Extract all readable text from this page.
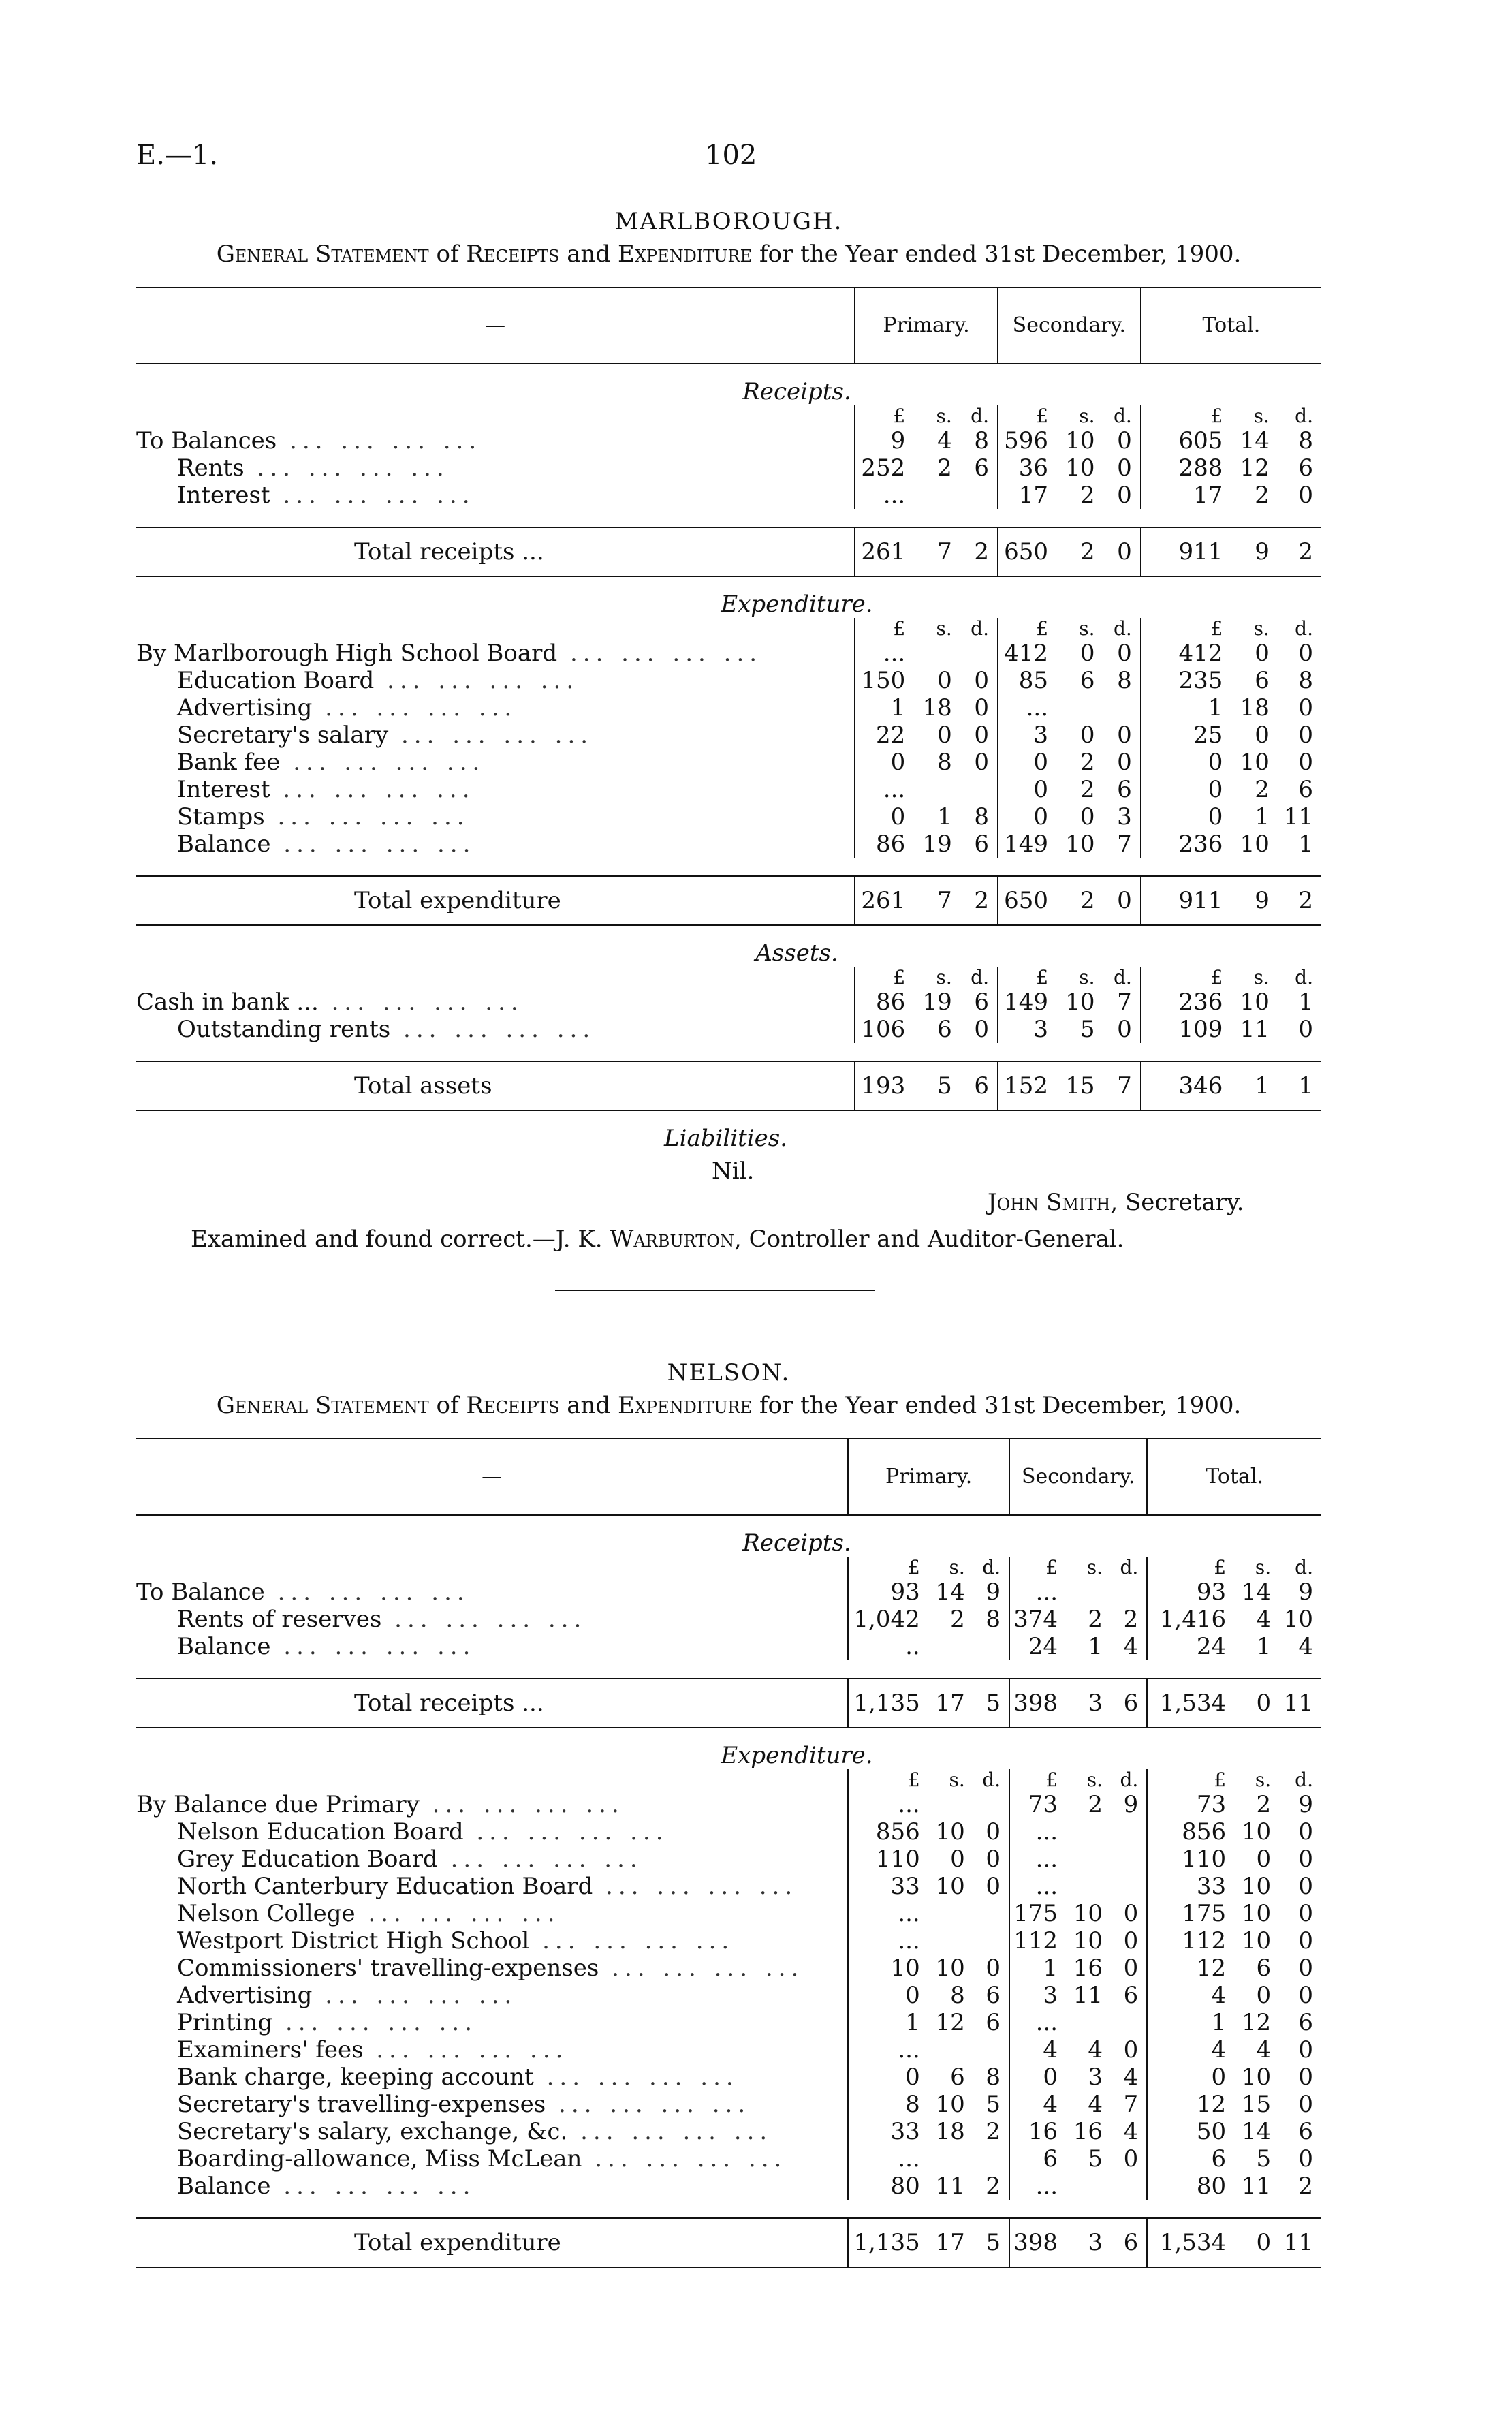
E.—1.	102
MARLBOROUGH.
General Statement of Receipts and Expenditure for the Year ended 31st December, 1900.
—	Primary.			Secondary.			Total.		
Receipts.									
	£	s.	d.	£	s.	d.	£	s.	d.
To Balances ... ... ... ...	9	4	8	596	10	0	605	14	8
Rents ... ... ... ...	252	2	6	36	10	0	288	12	6
Interest ... ... ... ...	...			17	2	0	17	2	0

Total receipts ...	261	7	2	650	2	0	911	9	2
Expenditure.									
	£	s.	d.	£	s.	d.	£	s.	d.
By Marlborough High School Board ... ... ... ...	...			412	0	0	412	0	0
Education Board ... ... ... ...	150	0	0	85	6	8	235	6	8
Advertising ... ... ... ...	1	18	0	...			1	18	0
Secretary's salary ... ... ... ...	22	0	0	3	0	0	25	0	0
Bank fee ... ... ... ...	0	8	0	0	2	0	0	10	0
Interest ... ... ... ...	...			0	2	6	0	2	6
Stamps ... ... ... ...	0	1	8	0	0	3	0	1	11
Balance ... ... ... ...	86	19	6	149	10	7	236	10	1

Total expenditure	261	7	2	650	2	0	911	9	2
Assets.									
	£	s.	d.	£	s.	d.	£	s.	d.
Cash in bank ... ... ... ... ...	86	19	6	149	10	7	236	10	1
Outstanding rents ... ... ... ...	106	6	0	3	5	0	109	11	0

Total assets	193	5	6	152	15	7	346	1	1

Liabilities.
Nil.
John Smith, Secretary.
Examined and found correct.—J. K. Warburton, Controller and Auditor-General.
NELSON.
General Statement of Receipts and Expenditure for the Year ended 31st December, 1900.
—	Primary.			Secondary.			Total.		
Receipts.									
	£	s.	d.	£	s.	d.	£	s.	d.
To Balance ... ... ... ...	93	14	9	...			93	14	9
Rents of reserves ... ... ... ...	1,042	2	8	374	2	2	1,416	4	10
Balance ... ... ... ...	..			24	1	4	24	1	4

Total receipts ...	1,135	17	5	398	3	6	1,534	0	11
Expenditure.									
	£	s.	d.	£	s.	d.	£	s.	d.
By Balance due Primary ... ... ... ...	...			73	2	9	73	2	9
Nelson Education Board ... ... ... ...	856	10	0	...			856	10	0
Grey Education Board ... ... ... ...	110	0	0	...			110	0	0
North Canterbury Education Board ... ... ... ...	33	10	0	...			33	10	0
Nelson College ... ... ... ...	...			175	10	0	175	10	0
Westport District High School ... ... ... ...	...			112	10	0	112	10	0
Commissioners' travelling-expenses ... ... ... ...	10	10	0	1	16	0	12	6	0
Advertising ... ... ... ...	0	8	6	3	11	6	4	0	0
Printing ... ... ... ...	1	12	6	...			1	12	6
Examiners' fees ... ... ... ...	...			4	4	0	4	4	0
Bank charge, keeping account ... ... ... ...	0	6	8	0	3	4	0	10	0
Secretary's travelling-expenses ... ... ... ...	8	10	5	4	4	7	12	15	0
Secretary's salary, exchange, &c. ... ... ... ...	33	18	2	16	16	4	50	14	6
Boarding-allowance, Miss McLean ... ... ... ...	...			6	5	0	6	5	0
Balance ... ... ... ...	80	11	2	...			80	11	2

Total expenditure	1,135	17	5	398	3	6	1,534	0	11
